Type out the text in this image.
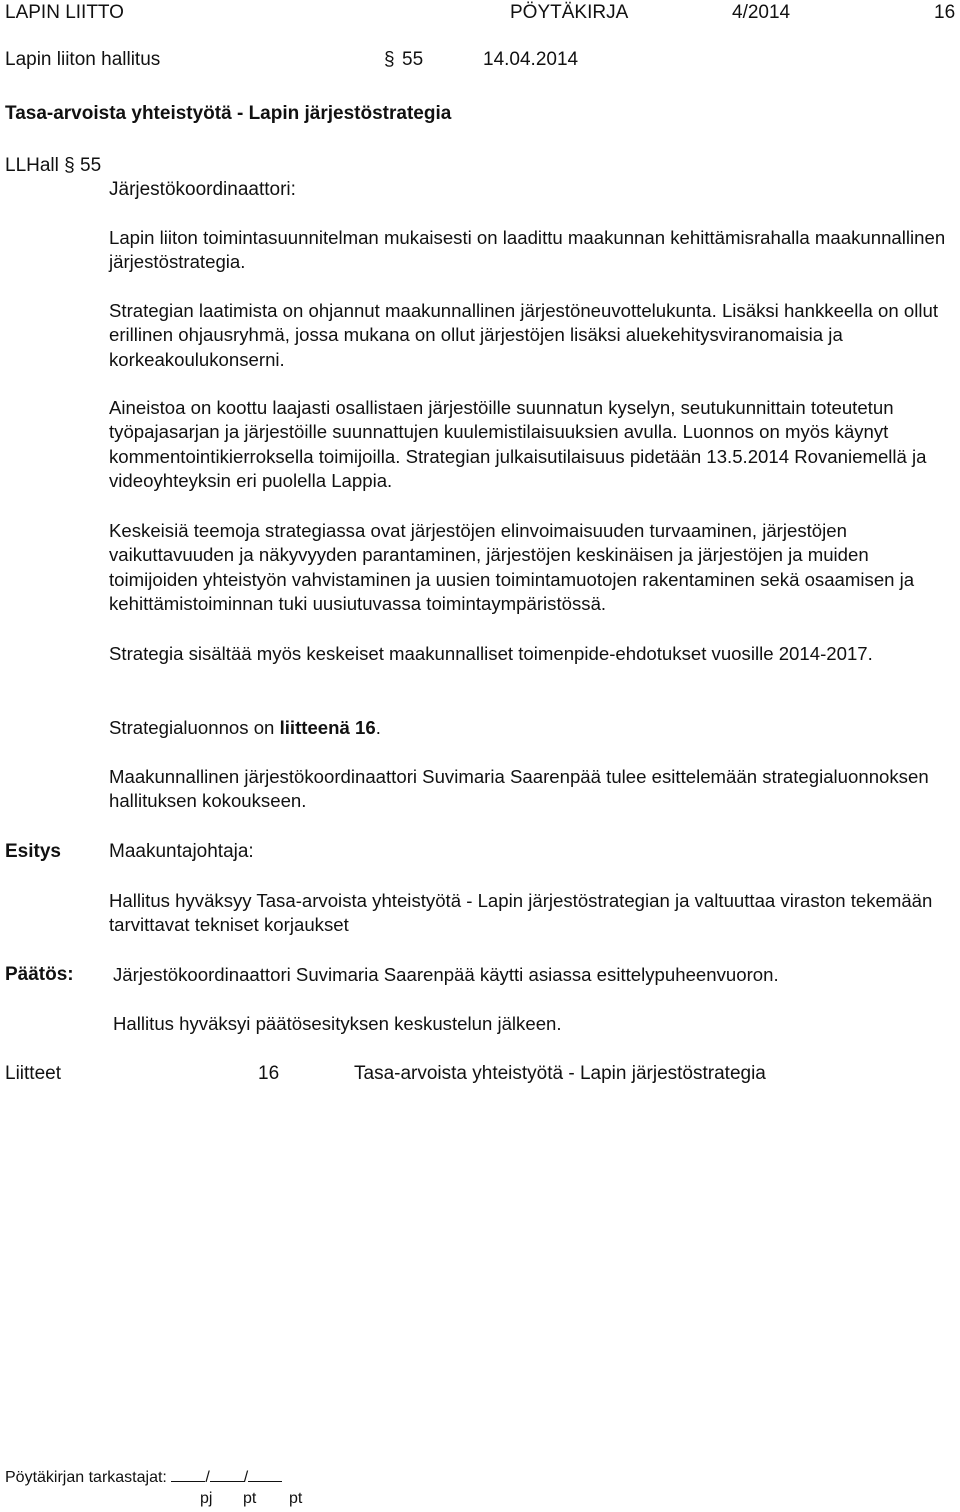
LAPIN LIITTO	PÖYTÄKIRJA	4/2014	16
Lapin liiton hallitus	§ 55	14.04.2014
Tasa-arvoista yhteistyötä - Lapin järjestöstrategia
LLHall § 55
Järjestökoordinaattori:
Lapin liiton toimintasuunnitelman mukaisesti on laadittu maakunnan kehittämisrahalla maakunnallinen järjestöstrategia.
Strategian laatimista on ohjannut maakunnallinen järjestöneuvottelukunta. Lisäksi hankkeella on ollut erillinen ohjausryhmä, jossa mukana on ollut järjestöjen lisäksi aluekehitysviranomaisia ja korkeakoulukonserni.
Aineistoa on koottu laajasti osallistaen järjestöille suunnatun kyselyn, seutukunnittain toteutetun työpajasarjan ja järjestöille suunnattujen kuulemistilaisuuksien avulla. Luonnos on myös käynyt kommentointikierroksella toimijoilla. Strategian julkaisutilaisuus pidetään 13.5.2014 Rovaniemellä ja videoyhteyksin eri puolella Lappia.
Keskeisiä teemoja strategiassa ovat järjestöjen elinvoimaisuuden turvaaminen, järjestöjen vaikuttavuuden ja näkyvyyden parantaminen, järjestöjen keskinäisen ja järjestöjen ja muiden toimijoiden yhteistyön vahvistaminen ja uusien toimintamuotojen rakentaminen sekä osaamisen ja kehittämistoiminnan tuki uusiutuvassa toimintaympäristössä.
Strategia sisältää myös keskeiset maakunnalliset toimenpide-ehdotukset vuosille 2014-2017.
Strategialuonnos on liitteenä 16.
Maakunnallinen järjestökoordinaattori Suvimaria Saarenpää tulee esittelemään strategialuonnoksen hallituksen kokoukseen.
Esitys	Maakuntajohtaja:
Hallitus hyväksyy Tasa-arvoista yhteistyötä - Lapin järjestöstrategian ja valtuuttaa viraston tekemään tarvittavat tekniset korjaukset
Päätös: Järjestökoordinaattori Suvimaria Saarenpää käytti asiassa esittelypuheenvuoron.
Hallitus hyväksyi päätösesityksen keskustelun jälkeen.
Liitteet	16	Tasa-arvoista yhteistyötä - Lapin järjestöstrategia
Pöytäkirjan tarkastajat: / /
pj pt pt
